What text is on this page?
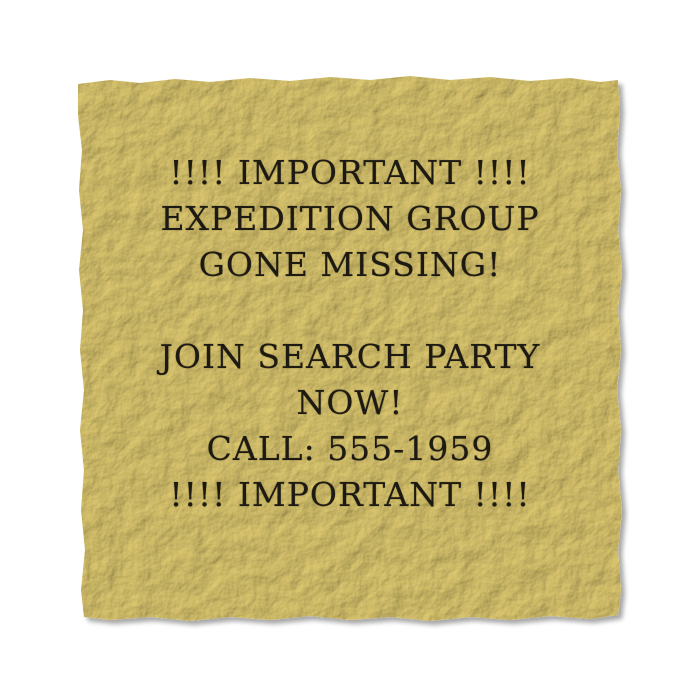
!!!! IMPORTANT !!!!
EXPEDITION GROUP
GONE MISSING!
JOIN SEARCH PARTY
NOW!
CALL: 555-1959
!!!! IMPORTANT !!!!
